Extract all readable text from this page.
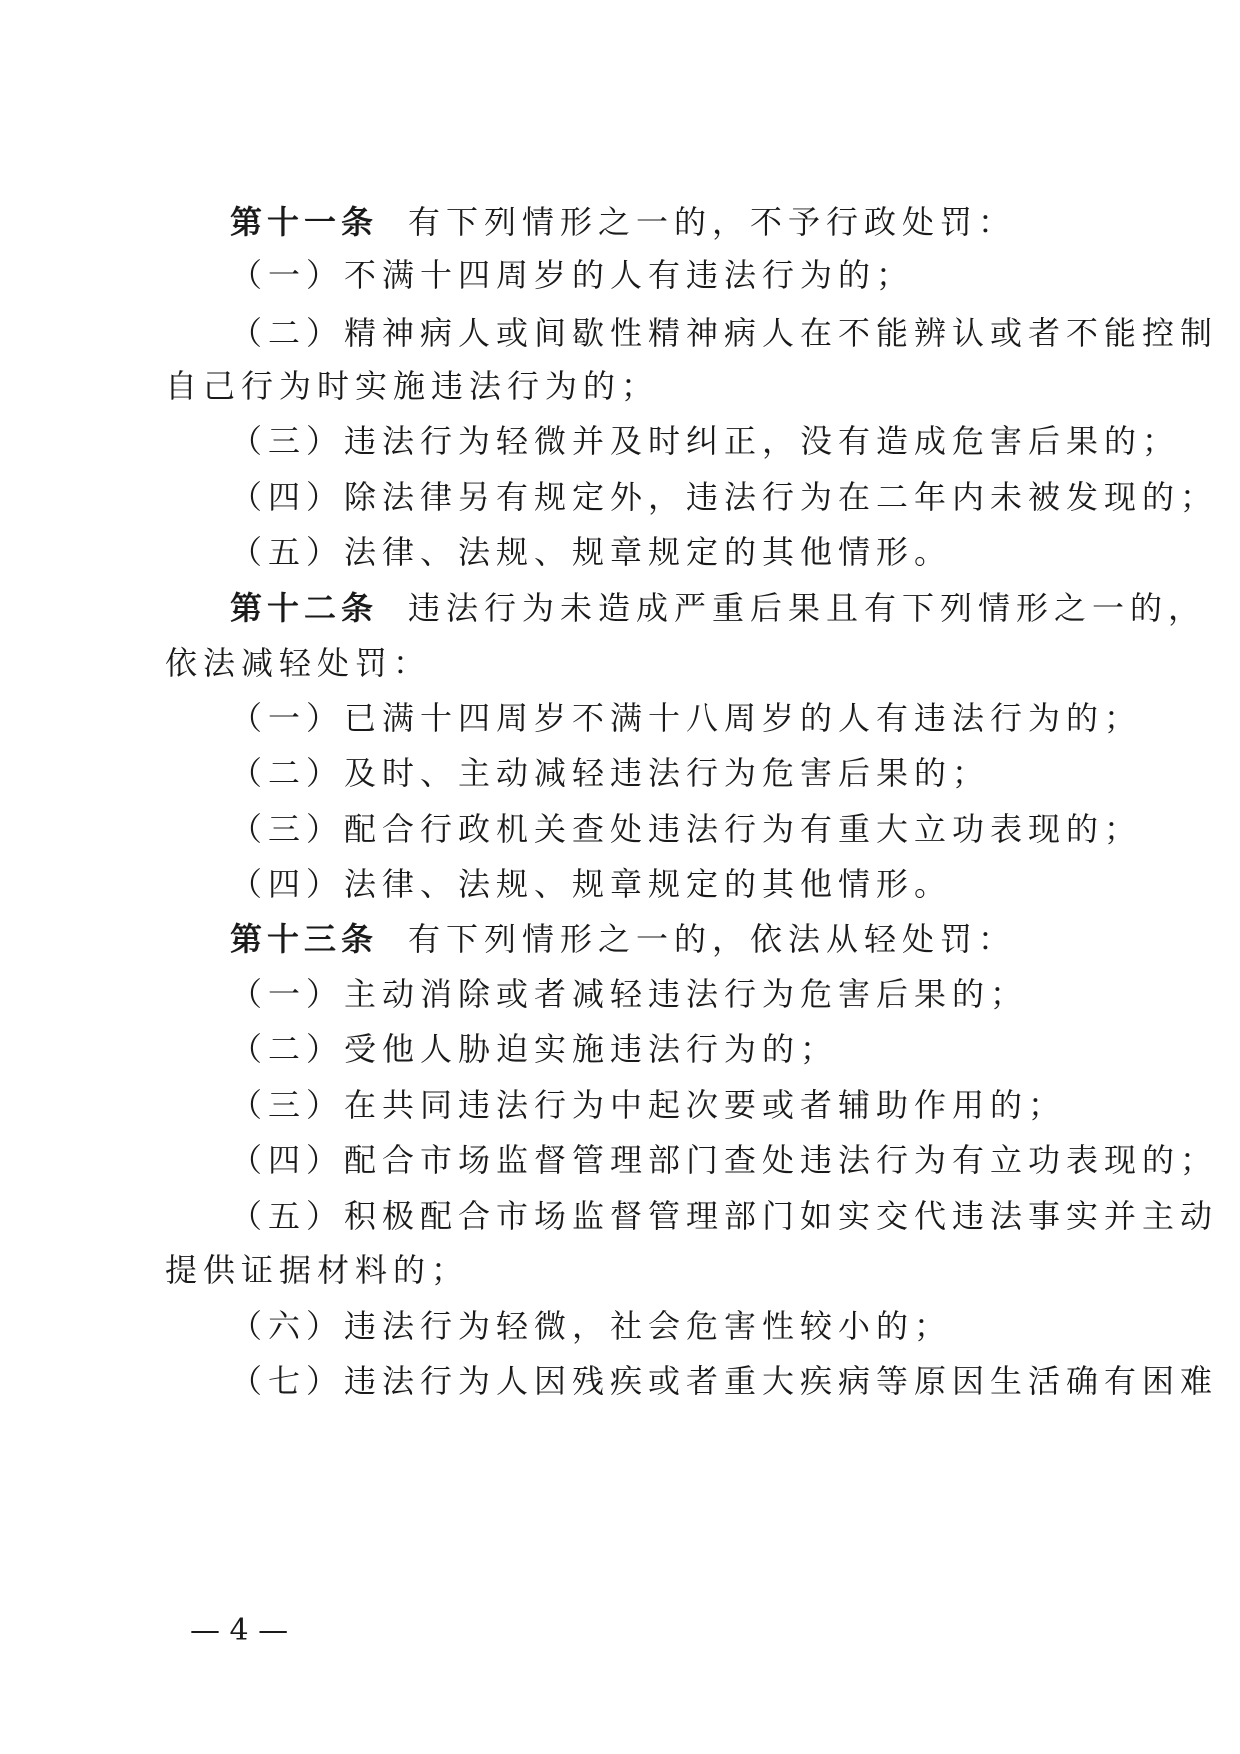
第十一条 有下列情形之一的，不予行政处罚：
（一）不满十四周岁的人有违法行为的；
（二）精神病人或间歇性精神病人在不能辨认或者不能控制
自己行为时实施违法行为的；
（三）违法行为轻微并及时纠正，没有造成危害后果的；
（四）除法律另有规定外，违法行为在二年内未被发现的；
（五）法律、法规、规章规定的其他情形。
第十二条 违法行为未造成严重后果且有下列情形之一的，
依法减轻处罚：
（一）已满十四周岁不满十八周岁的人有违法行为的；
（二）及时、主动减轻违法行为危害后果的；
（三）配合行政机关查处违法行为有重大立功表现的；
（四）法律、法规、规章规定的其他情形。
第十三条 有下列情形之一的，依法从轻处罚：
（一）主动消除或者减轻违法行为危害后果的；
（二）受他人胁迫实施违法行为的；
（三）在共同违法行为中起次要或者辅助作用的；
（四）配合市场监督管理部门查处违法行为有立功表现的；
（五）积极配合市场监督管理部门如实交代违法事实并主动
提供证据材料的；
（六）违法行为轻微，社会危害性较小的；
（七）违法行为人因残疾或者重大疾病等原因生活确有困难
— 4 —
